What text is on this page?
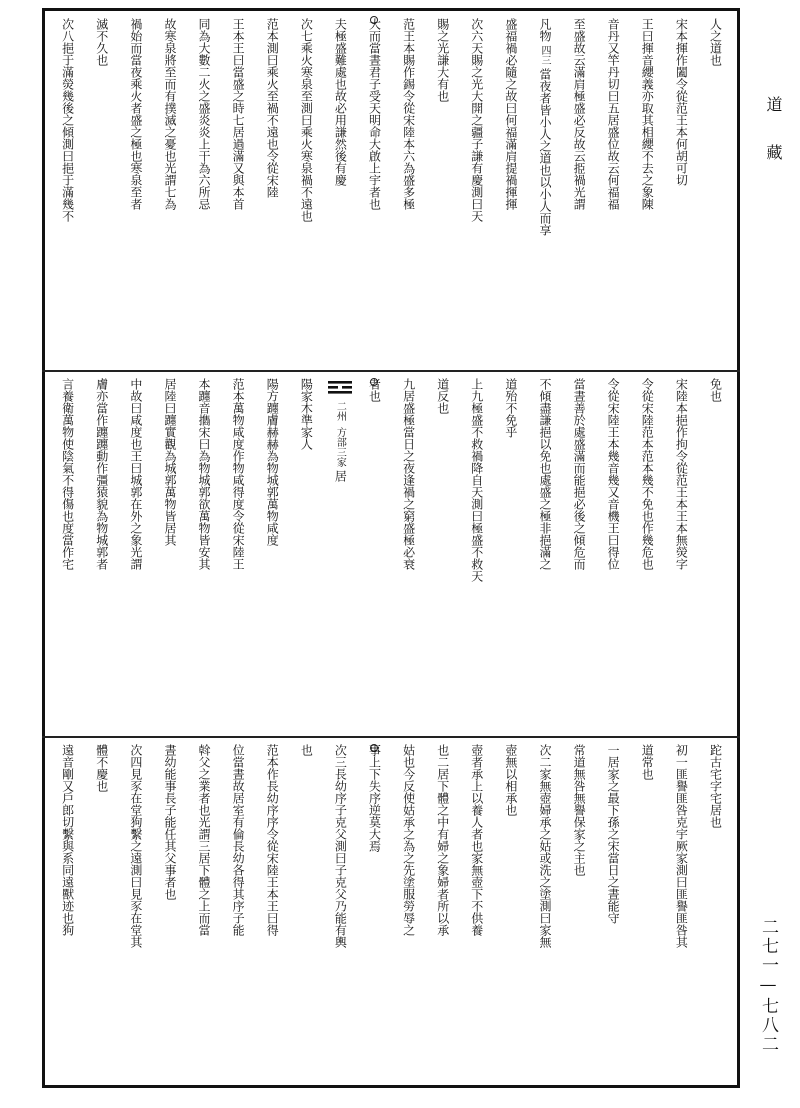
人之道也
宋本揮作闔令從范王本何胡可切
王曰揮音纓義亦取其相纓不去之象陳
音丹又竿丹切曰五居盛位故云何福福
至盛故云滿肩極盛必反故云挋禍光謂
凡物
四三
當夜者皆小人之道也以小人而享
盛福禍必隨之故曰何福滿肩提禍揮揮
次六天賜之光大開之疆子謙有慶測曰天
賜之光謙大有也
范王本賜作錫令從宋陸本六為盛多極
大而當晝君子受天明命大啟上宇者也
夫極盛難處也故必用謙然後有慶
次七乘火寒泉至測曰乘火寒泉禍不遠也
范本測曰乘火至禍不遠也令從宋陸
王本王曰當盛之時七居過滿又與本首
同為大數二火之盛炎炎上干為六所忌
故寒泉將至而有撲滅之憂也光謂七為
禍始而當夜乘火者盛之極也寒泉至者
滅不久也
次八挹于滿熒幾後之傾測曰挹于滿幾不
免也
宋陸本挹作拘令從范王本王本無熒字
令從宋陸范本范本幾不免也作幾危也
令從宋陸王本幾音幾又音機王曰得位
當晝善於處盛滿而能挹必後之傾危而
不傾盡謙挹以免也處盛之極非挹滿之
道殆不免乎
上九極盛不救禍降自天測曰極盛不救天
道反也
九居盛極當日之夜逢禍之窮盛極必衰
者也
二州
方部三家
居
陽家木準家人
陽方躔膚赫赫為物城郭萬物咸度
范本萬物咸度作物咸得度令從宋陸王
本躔音㩦宋曰為物城郭欲萬物皆安其
居陸曰躔實觀為城郭萬物皆居其
中故曰咸度也王曰城郭在外之象光謂
膚亦當作躔躔動作彊猿貌為物城郭者
言養衛萬物使陰氣不得傷也度當作宅
跎古宅字宅居也
初一匪譽匪咎克宇厥家測曰匪譽匪咎其
道常也
一居家之最下孫之宋當日之晝能守
常道無咎無譽保家之主也
次二家無壺婦承之姑或洗之塗測曰家無
壺無以相承也
壺者承上以養人者也家無壺下不供養
也二居下體之中有婦之象婦者所以承
姑也今反使姑承之為之先塗服勞辱之
事上下失序逆莫大焉
次三長幼序子克父測曰子克父乃能有輿
也
范本作長幼序序令從宋陸王本王曰得
位當晝故居室有倫長幼各得其序子能
斡父之業者也光謂三居下體之上而當
晝幼能事長子能任其父事者也
次四見豕在堂狗繫之遠測曰見豕在堂其
體不慶也
遠音剛又戶郎切繫與系同遠獸迹也狗
道藏
二七一—七八二
